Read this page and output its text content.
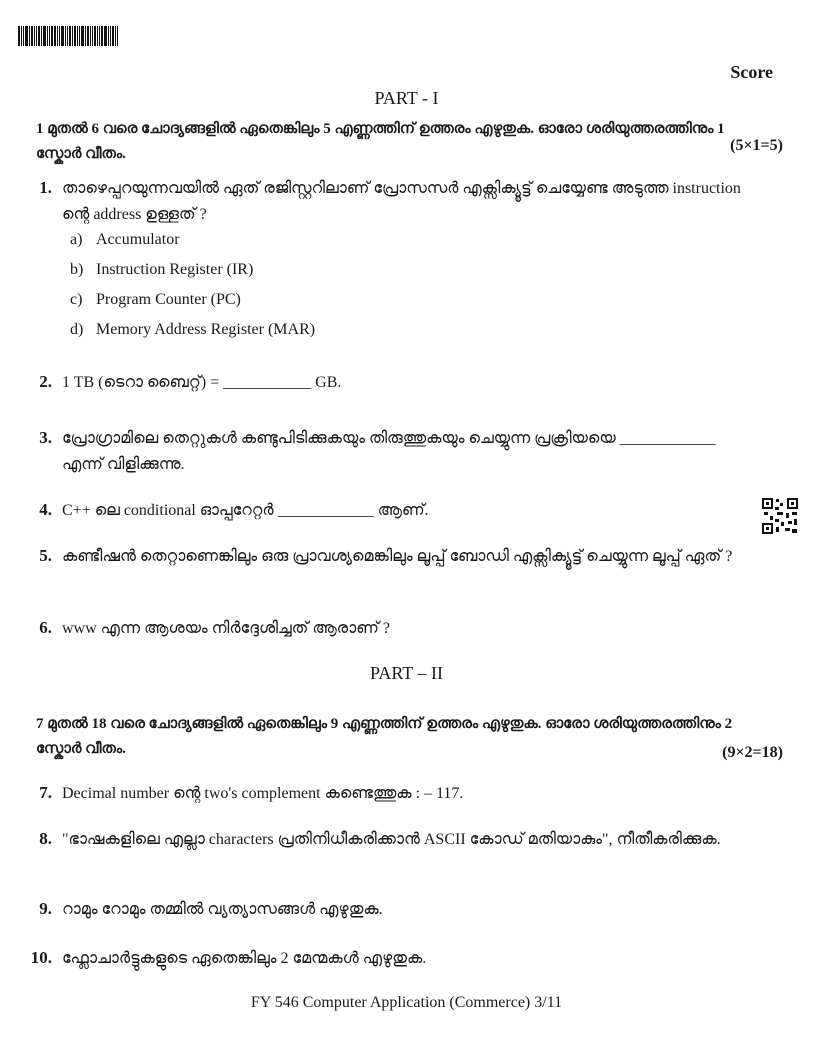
Score
PART - I
1 മുതൽ 6 വരെ ചോദ്യങ്ങളിൽ ഏതെങ്കിലും 5 എണ്ണത്തിന് ഉത്തരം എഴുതുക. ഓരോ ശരിയുത്തരത്തിനും 1 സ്കോർ വീതം.	(5×1=5)
1. താഴെപ്പറയുന്നവയിൽ ഏത് രജിസ്റ്ററിലാണ് പ്രോസസർ എക്സിക്യൂട്ട് ചെയ്യേണ്ട അടുത്ത instruction ന്റെ address ഉള്ളത് ?
a) Accumulator
b) Instruction Register (IR)
c) Program Counter (PC)
d) Memory Address Register (MAR)
2. 1 TB (ടെറാ ബൈറ്റ്) = ___________ GB.
3. പ്രോഗ്രാമിലെ തെറ്റുകൾ കണ്ടുപിടിക്കുകയും തിരുത്തുകയും ചെയ്യുന്ന പ്രക്രിയയെ ____________ എന്ന് വിളിക്കുന്നു.
4. C++ ലെ conditional ഓപ്പറേറ്റർ ____________ ആണ്.
5. കണ്ടീഷൻ തെറ്റാണെങ്കിലും ഒരു പ്രാവശ്യമെങ്കിലും ലൂപ്പ് ബോഡി എക്സിക്യൂട്ട് ചെയ്യുന്ന ലൂപ്പ് ഏത് ?
6. www എന്ന ആശയം നിർദ്ദേശിച്ചത് ആരാണ് ?
PART – II
7 മുതൽ 18 വരെ ചോദ്യങ്ങളിൽ ഏതെങ്കിലും 9 എണ്ണത്തിന് ഉത്തരം എഴുതുക. ഓരോ ശരിയുത്തരത്തിനും 2 സ്കോർ വീതം.	(9×2=18)
7. Decimal number ന്റെ two's complement കണ്ടെത്തുക : – 117.
8. "ഭാഷകളിലെ എല്ലാ characters പ്രതിനിധീകരിക്കാൻ ASCII കോഡ് മതിയാകും", നീതീകരിക്കുക.
9. റാമും റോമും തമ്മിൽ വ്യത്യാസങ്ങൾ എഴുതുക.
10. ഫ്ലോചാർട്ടുകളുടെ ഏതെങ്കിലും 2 മേന്മകൾ എഴുതുക.
FY 546 Computer Application (Commerce) 3/11
